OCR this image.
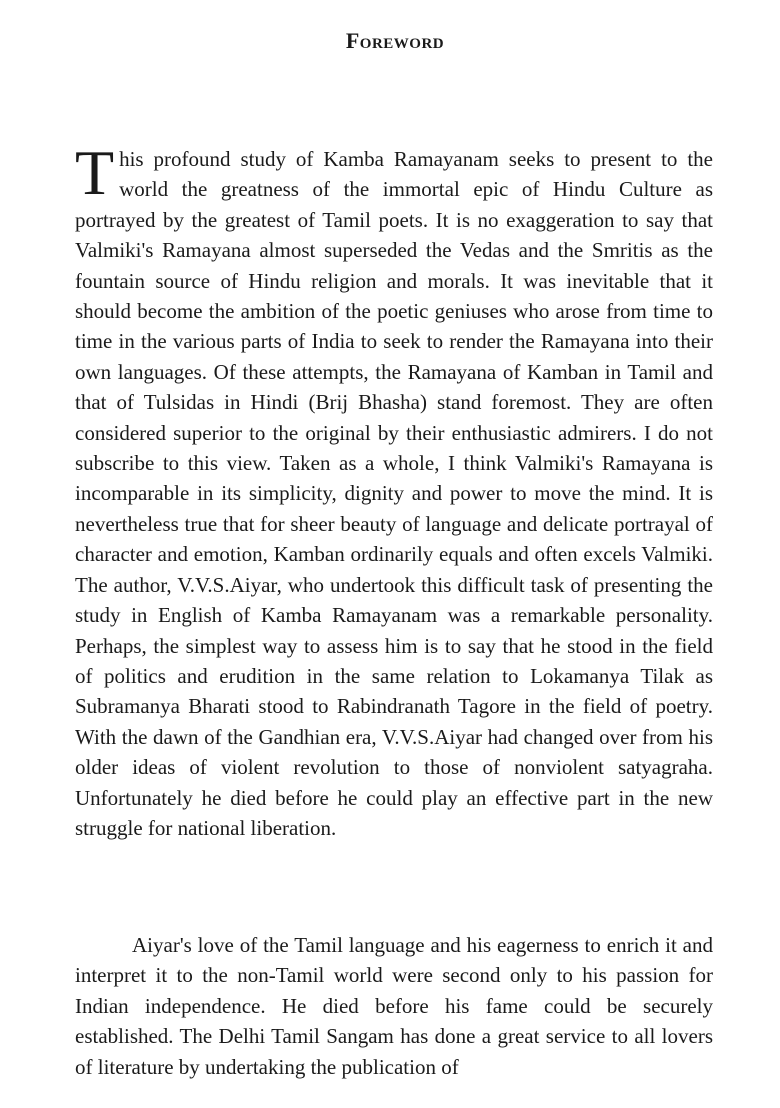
Foreword
This profound study of Kamba Ramayanam seeks to present to the world the greatness of the immortal epic of Hindu Culture as portrayed by the greatest of Tamil poets. It is no exaggeration to say that Valmiki's Ramayana almost superseded the Vedas and the Smritis as the fountain source of Hindu religion and morals. It was inevitable that it should become the ambition of the poetic geniuses who arose from time to time in the various parts of India to seek to render the Ramayana into their own languages. Of these attempts, the Ramayana of Kamban in Tamil and that of Tulsidas in Hindi (Brij Bhasha) stand foremost. They are often considered superior to the original by their enthusiastic admirers. I do not subscribe to this view. Taken as a whole, I think Valmiki's Ramayana is incomparable in its simplicity, dignity and power to move the mind. It is nevertheless true that for sheer beauty of language and delicate portrayal of character and emotion, Kamban ordinarily equals and often excels Valmiki. The author, V.V.S.Aiyar, who undertook this difficult task of presenting the study in English of Kamba Ramayanam was a remarkable personality. Perhaps, the simplest way to assess him is to say that he stood in the field of politics and erudition in the same relation to Lokamanya Tilak as Subramanya Bharati stood to Rabindranath Tagore in the field of poetry. With the dawn of the Gandhian era, V.V.S.Aiyar had changed over from his older ideas of violent revolution to those of nonviolent satyagraha. Unfortunately he died before he could play an effective part in the new struggle for national liberation.
Aiyar's love of the Tamil language and his eagerness to enrich it and interpret it to the non-Tamil world were second only to his passion for Indian independence. He died before his fame could be securely established. The Delhi Tamil Sangam has done a great service to all lovers of literature by undertaking the publication of
